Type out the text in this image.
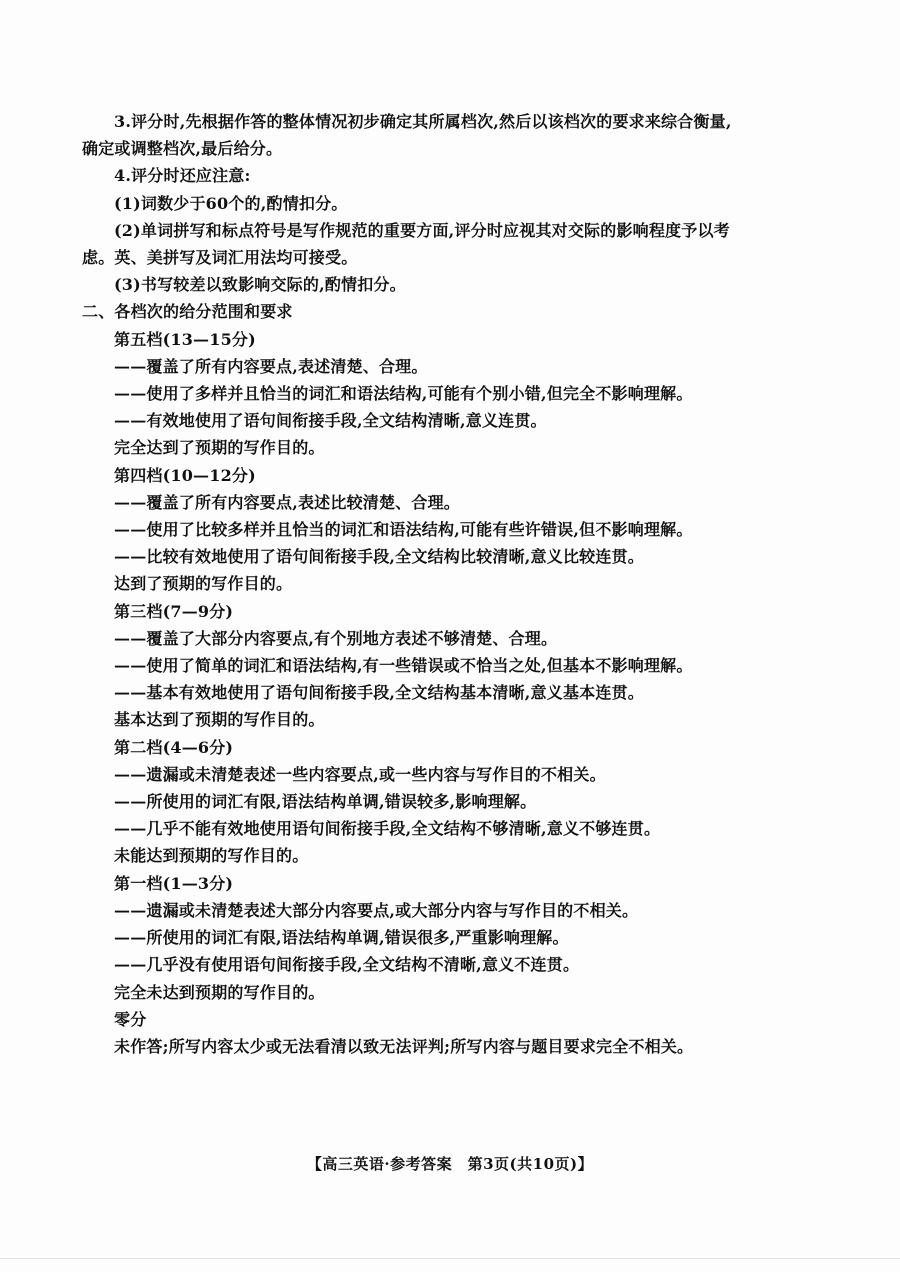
3.评分时,先根据作答的整体情况初步确定其所属档次,然后以该档次的要求来综合衡量,
确定或调整档次,最后给分。
4.评分时还应注意:
(1)词数少于60个的,酌情扣分。
(2)单词拼写和标点符号是写作规范的重要方面,评分时应视其对交际的影响程度予以考
虑。英、美拼写及词汇用法均可接受。
(3)书写较差以致影响交际的,酌情扣分。
二、各档次的给分范围和要求
第五档(13—15分)
——覆盖了所有内容要点,表述清楚、合理。
——使用了多样并且恰当的词汇和语法结构,可能有个别小错,但完全不影响理解。
——有效地使用了语句间衔接手段,全文结构清晰,意义连贯。
完全达到了预期的写作目的。
第四档(10—12分)
——覆盖了所有内容要点,表述比较清楚、合理。
——使用了比较多样并且恰当的词汇和语法结构,可能有些许错误,但不影响理解。
——比较有效地使用了语句间衔接手段,全文结构比较清晰,意义比较连贯。
达到了预期的写作目的。
第三档(7—9分)
——覆盖了大部分内容要点,有个别地方表述不够清楚、合理。
——使用了简单的词汇和语法结构,有一些错误或不恰当之处,但基本不影响理解。
——基本有效地使用了语句间衔接手段,全文结构基本清晰,意义基本连贯。
基本达到了预期的写作目的。
第二档(4—6分)
——遗漏或未清楚表述一些内容要点,或一些内容与写作目的不相关。
——所使用的词汇有限,语法结构单调,错误较多,影响理解。
——几乎不能有效地使用语句间衔接手段,全文结构不够清晰,意义不够连贯。
未能达到预期的写作目的。
第一档(1—3分)
——遗漏或未清楚表述大部分内容要点,或大部分内容与写作目的不相关。
——所使用的词汇有限,语法结构单调,错误很多,严重影响理解。
——几乎没有使用语句间衔接手段,全文结构不清晰,意义不连贯。
完全未达到预期的写作目的。
零分
未作答;所写内容太少或无法看清以致无法评判;所写内容与题目要求完全不相关。
【高三英语·参考答案　第3页(共10页)】
